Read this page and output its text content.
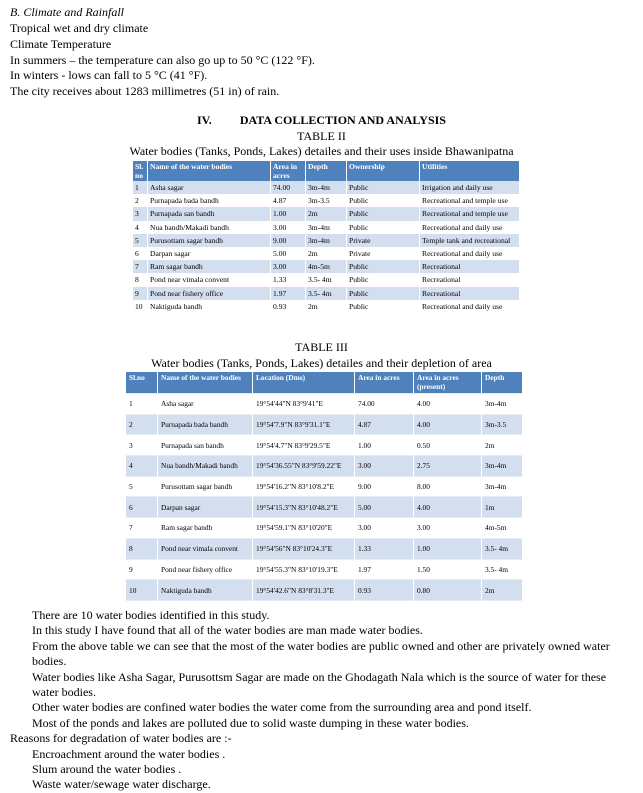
B. Climate and Rainfall
Tropical wet and dry climate
Climate Temperature
In summers – the temperature can also go up to 50 °C (122 °F).
In winters - lows can fall to 5 °C (41 °F).
The city receives about 1283 millimetres (51 in) of rain.
IV. DATA COLLECTION AND ANALYSIS
TABLE II
Water bodies (Tanks, Ponds, Lakes) detailes and their uses inside Bhawanipatna
Sl. no	Name of the water bodies	Area in acres	Depth	Ownership	Utilities
1	Asha sagar	74.00	3m-4m	Public	Irrigation and daily use
2	Purnapada bada bandh	4.87	3m-3.5	Public	Recreational and temple use
3	Purnapada san bandh	1.00	2m	Public	Recreational and temple use
4	Nua bandh/Makadi bandh	3.00	3m-4m	Public	Recreational and daily use
5	Purusottam sagar bandh	9.00	3m-4m	Private	Temple tank and recreational
6	Darpan sagar	5.00	2m	Private	Recreational and daily use
7	Ram sagar bandh	3.00	4m-5m	Public	Recreational
8	Pond near vimala convent	1.33	3.5- 4m	Public	Recreational
9	Pond near fishery office	1.97	3.5- 4m	Public	Recreational
10	Naktiguda bandh	0.93	2m	Public	Recreational and daily use
TABLE III
Water bodies (Tanks, Ponds, Lakes) detailes and their depletion of area
Sl.no	Name of the water bodies	Location (Dms)	Area in acres	Area in acres (present)	Depth
1	Asha sagar	19°54'44"N 83°9'41"E	74.00	4.00	3m-4m
2	Purnapada bada bandh	19°54'7.9"N 83°9'31.1"E	4.87	4.00	3m-3.5
3	Purnapada san bandh	19°54'4.7"N 83°9'29.5"E	1.00	0.50	2m
4	Nua bandh/Makadi bandh	19°54'36.55"N 83°9'59.22"E	3.00	2.75	3m-4m
5	Purusottam sagar bandh	19°54'16.2"N 83°10'8.2"E	9.00	8.00	3m-4m
6	Darpan sagar	19°54'15.3"N 83°10'48.2"E	5.00	4.00	1m
7	Ram sagar bandh	19°54'59.1"N 83°10'20"E	3.00	3.00	4m-5m
8	Pond near vimala convent	19°54'56"N 83°10'24.3"E	1.33	1.00	3.5- 4m
9	Pond near fishery office	19°54'55.3"N 83°10'19.3"E	1.97	1.50	3.5- 4m
10	Naktiguda bandh	19°54'42.6"N 83°8'31.3"E	0.93	0.80	2m
There are 10 water bodies identified in this study.
In this study I have found that all of the water bodies are man made water bodies.
From the above table we can see that the most of the water bodies are public owned and other are privately owned water bodies.
Water bodies like Asha Sagar, Purusottsm Sagar are made on the Ghodagath Nala which is the source of water for these water bodies.
Other water bodies are confined water bodies the water come from the surrounding area and pond itself.
Most of the ponds and lakes are polluted due to solid waste dumping in these water bodies.
Reasons for degradation of water bodies are :-
Encroachment around the water bodies .
Slum around the water bodies .
Waste water/sewage water discharge.
